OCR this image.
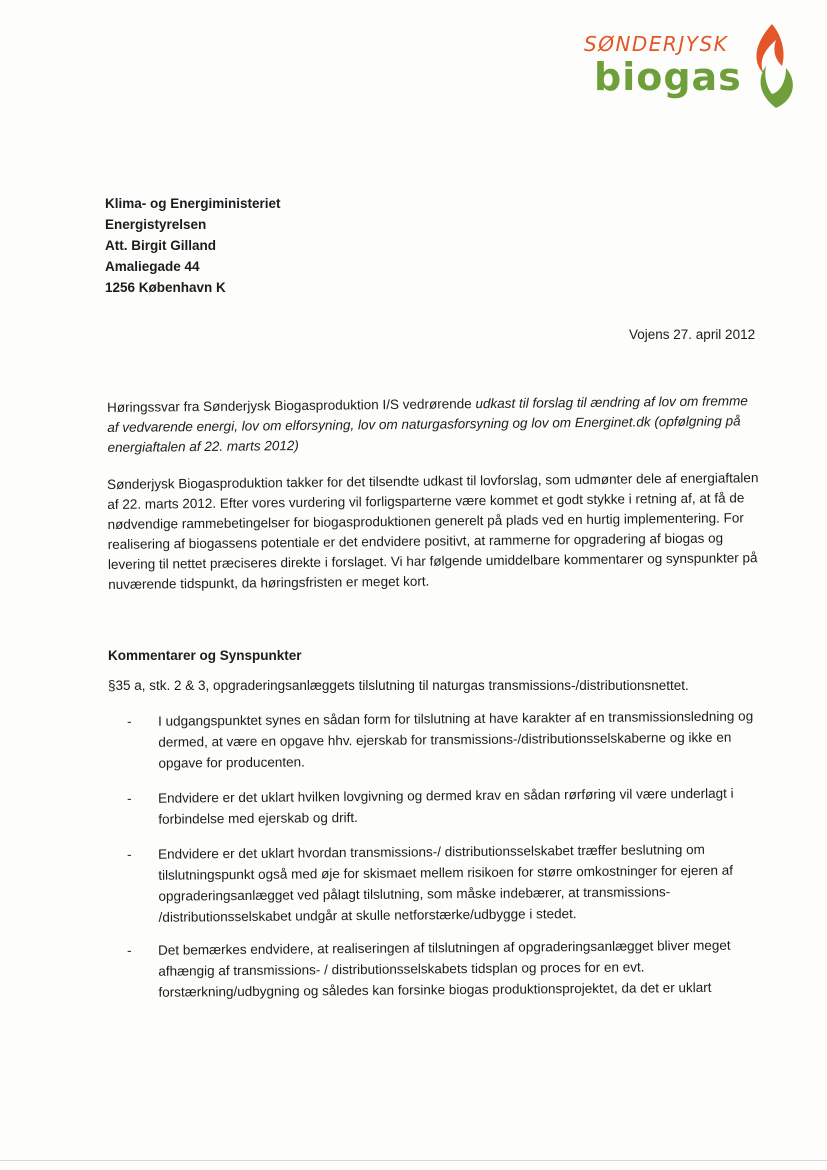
SØNDERJYSK
biogas
Klima- og Energiministeriet
Energistyrelsen
Att. Birgit Gilland
Amaliegade 44
1256 København K
Vojens 27. april 2012
Høringssvar fra Sønderjysk Biogasproduktion I/S vedrørende udkast til forslag til ændring af lov om fremme af vedvarende energi, lov om elforsyning, lov om naturgasforsyning og lov om Energinet.dk (opfølgning på energiaftalen af 22. marts 2012)
Sønderjysk Biogasproduktion takker for det tilsendte udkast til lovforslag, som udmønter dele af energiaftalen af 22. marts 2012. Efter vores vurdering vil forligsparterne være kommet et godt stykke i retning af, at få de nødvendige rammebetingelser for biogasproduktionen generelt på plads ved en hurtig implementering. For realisering af biogassens potentiale er det endvidere positivt, at rammerne for opgradering af biogas og levering til nettet præciseres direkte i forslaget. Vi har følgende umiddelbare kommentarer og synspunkter på nuværende tidspunkt, da høringsfristen er meget kort.
Kommentarer og Synspunkter
§35 a, stk. 2 & 3, opgraderingsanlæggets tilslutning til naturgas transmissions-/distributionsnettet.
-	I udgangspunktet synes en sådan form for tilslutning at have karakter af en transmissionsledning og dermed, at være en opgave hhv. ejerskab for transmissions-/distributionsselskaberne og ikke en opgave for producenten.
-	Endvidere er det uklart hvilken lovgivning og dermed krav en sådan rørføring vil være underlagt i forbindelse med ejerskab og drift.
-	Endvidere er det uklart hvordan transmissions-/ distributionsselskabet træffer beslutning om tilslutningspunkt også med øje for skismaet mellem risikoen for større omkostninger for ejeren af opgraderingsanlægget ved pålagt tilslutning, som måske indebærer, at transmissions- /distributionsselskabet undgår at skulle netforstærke/udbygge i stedet.
-	Det bemærkes endvidere, at realiseringen af tilslutningen af opgraderingsanlægget bliver meget afhængig af transmissions- / distributionsselskabets tidsplan og proces for en evt. forstærkning/udbygning og således kan forsinke biogas produktionsprojektet, da det er uklart
